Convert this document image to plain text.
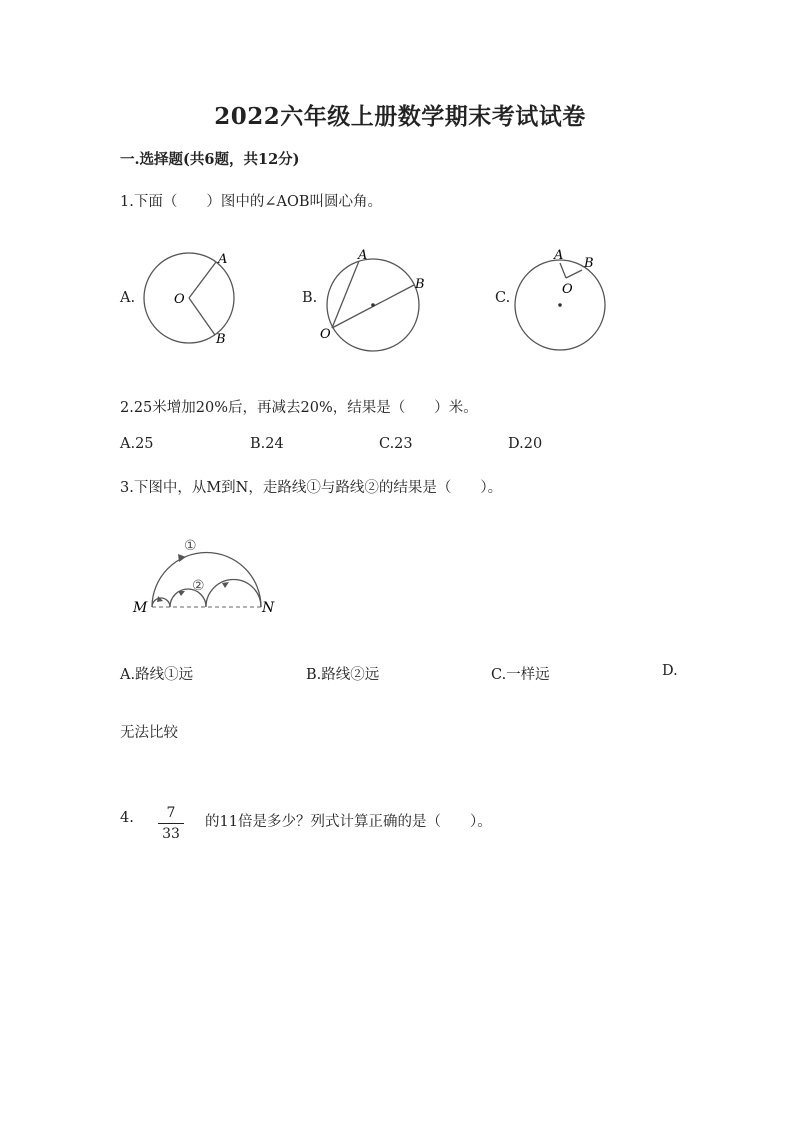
2022六年级上册数学期末考试试卷
一.选择题(共6题，共12分)
1.下面（　　）图中的∠AOB叫圆心角。
A.
A
O
B
B.
A
B
O
C.
A
B
O
2.25米增加20%后，再减去20%，结果是（　　）米。
A.25	B.24	C.23	D.20
3.下图中，从M到N，走路线①与路线②的结果是（　　）。
①
②
M	N
A.路线①远	B.路线②远	C.一样远	D.
无法比较
4.	7
33
的11倍是多少？列式计算正确的是（　　）。
